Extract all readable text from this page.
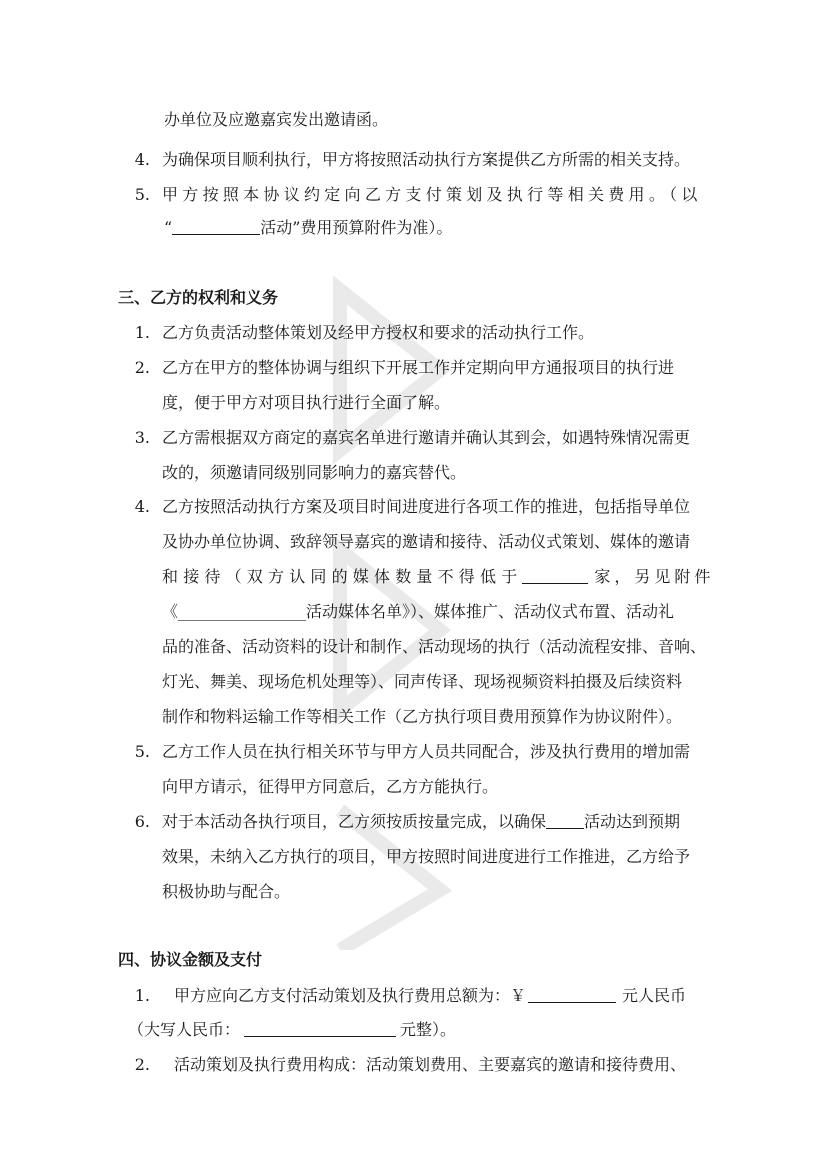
办单位及应邀嘉宾发出邀请函。
4. 为确保项目顺利执行，甲方将按照活动执行方案提供乙方所需的相关支持。
5. 甲方按照本协议约定向乙方支付策划及执行等相关费用。（以
“	活动”费用预算附件为准）。
三、乙方的权利和义务
1. 乙方负责活动整体策划及经甲方授权和要求的活动执行工作。
2. 乙方在甲方的整体协调与组织下开展工作并定期向甲方通报项目的执行进
度，便于甲方对项目执行进行全面了解。
3. 乙方需根据双方商定的嘉宾名单进行邀请并确认其到会，如遇特殊情况需更
改的，须邀请同级别同影响力的嘉宾替代。
4. 乙方按照活动执行方案及项目时间进度进行各项工作的推进，包括指导单位
及协办单位协调、致辞领导嘉宾的邀请和接待、活动仪式策划、媒体的邀请
和接待（双方认同的媒体数量不得低于	家，另见附件
《________________活动媒体名单》）、媒体推广、活动仪式布置、活动礼
品的准备、活动资料的设计和制作、活动现场的执行（活动流程安排、音响、
灯光、舞美、现场危机处理等）、同声传译、现场视频资料拍摄及后续资料
制作和物料运输工作等相关工作（乙方执行项目费用预算作为协议附件）。
5. 乙方工作人员在执行相关环节与甲方人员共同配合，涉及执行费用的增加需
向甲方请示，征得甲方同意后，乙方方能执行。
6. 对于本活动各执行项目，乙方须按质按量完成，以确保 活动达到预期
效果，未纳入乙方执行的项目，甲方按照时间进度进行工作推进，乙方给予
积极协助与配合。
四、协议金额及支付
1. 甲方应向乙方支付活动策划及执行费用总额为：￥	元人民币
（大写人民币：	元整）。
2. 活动策划及执行费用构成：活动策划费用、主要嘉宾的邀请和接待费用、
